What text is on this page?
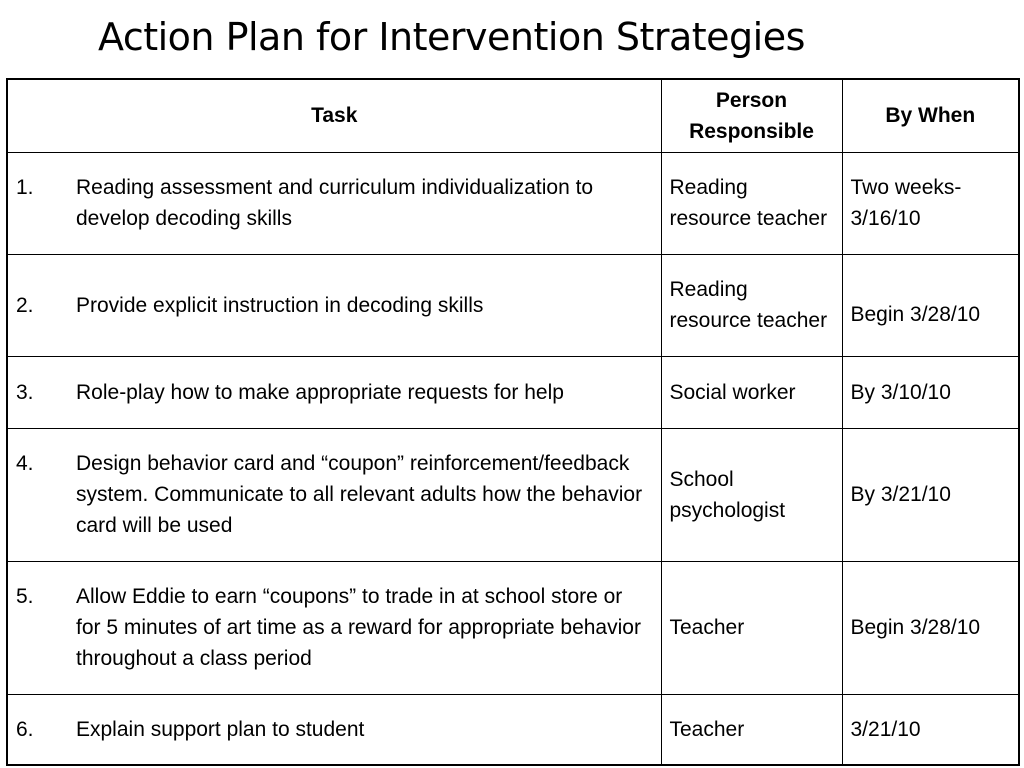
Action Plan for Intervention Strategies
Task	Person Responsible	By When

1. Reading assessment and curriculum individualization to develop decoding skills	Reading resource teacher	Two weeks- 3/16/10

2. Provide explicit instruction in decoding skills	Reading resource teacher	Begin 3/28/10

3. Role-play how to make appropriate requests for help	Social worker	By 3/10/10

4. Design behavior card and “coupon” reinforcement/feedback system. Communicate to all relevant adults how the behavior card will be used	School psychologist	By 3/21/10

5. Allow Eddie to earn “coupons” to trade in at school store or for 5 minutes of art time as a reward for appropriate behavior throughout a class period	Teacher	Begin 3/28/10

6. Explain support plan to student	Teacher	3/21/10
